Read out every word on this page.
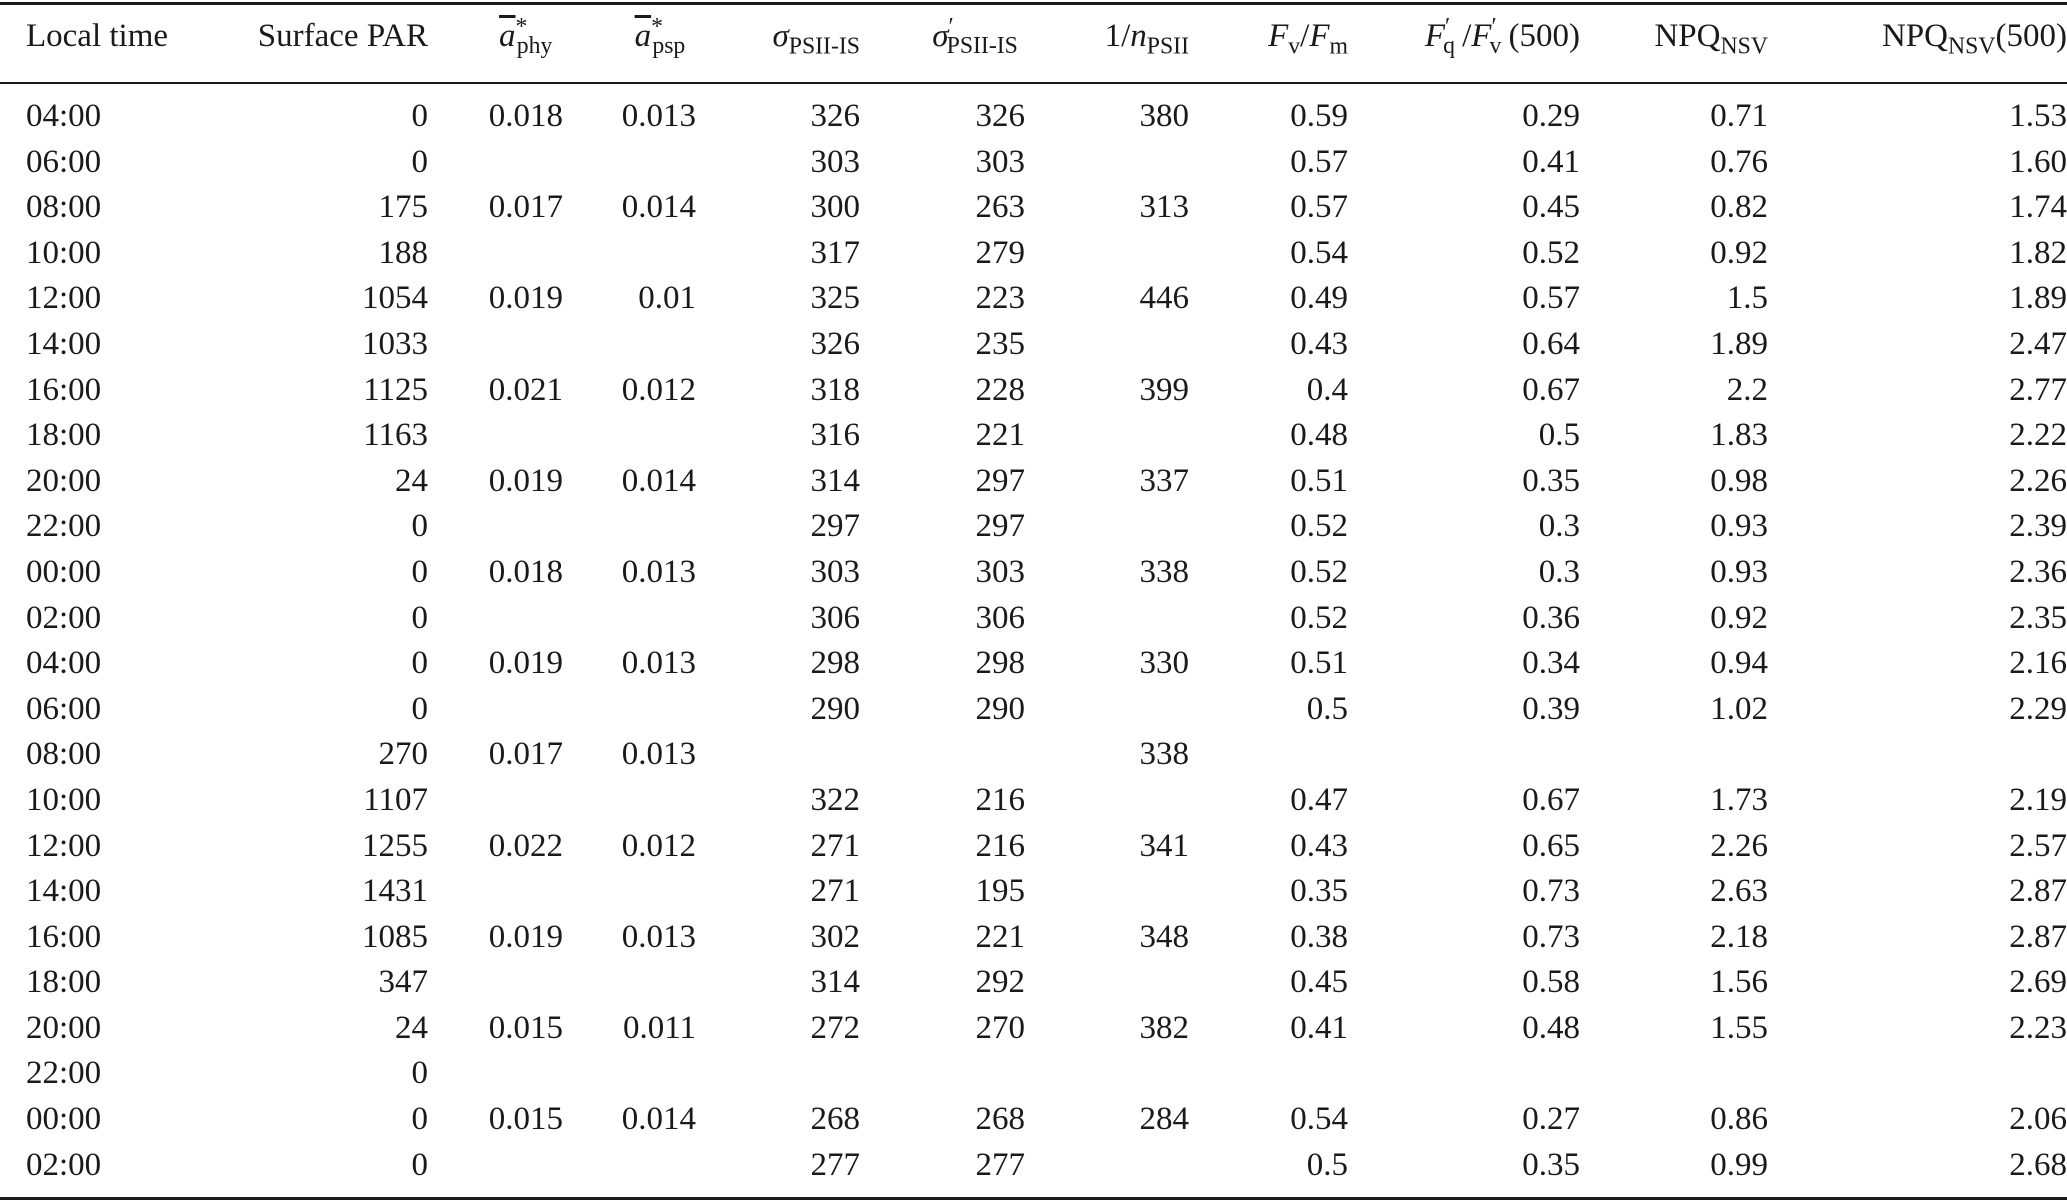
Local time	Surface PAR	$\overline{a}^*_{phy}$	$\overline{a}^*_{psp}$	$\sigma_{PSII-IS}$	$\sigma'_{PSII-IS}$	$1/n_{PSII}$	$F_v/F_m$	$F'_q$ $/F'_v$ (500)	$NPQ_{NSV}$	$NPQ_{NSV}(500)$

04:00	0	0.018	0.013	326	326	380	0.59	0.29	0.71	1.53
06:00	0			303	303		0.57	0.41	0.76	1.60
08:00	175	0.017	0.014	300	263	313	0.57	0.45	0.82	1.74
10:00	188			317	279		0.54	0.52	0.92	1.82
12:00	1054	0.019	0.01	325	223	446	0.49	0.57	1.5	1.89
14:00	1033			326	235		0.43	0.64	1.89	2.47
16:00	1125	0.021	0.012	318	228	399	0.4	0.67	2.2	2.77
18:00	1163			316	221		0.48	0.5	1.83	2.22
20:00	24	0.019	0.014	314	297	337	0.51	0.35	0.98	2.26
22:00	0			297	297		0.52	0.3	0.93	2.39
00:00	0	0.018	0.013	303	303	338	0.52	0.3	0.93	2.36
02:00	0			306	306		0.52	0.36	0.92	2.35
04:00	0	0.019	0.013	298	298	330	0.51	0.34	0.94	2.16
06:00	0			290	290		0.5	0.39	1.02	2.29
08:00	270	0.017	0.013			338				
10:00	1107			322	216		0.47	0.67	1.73	2.19
12:00	1255	0.022	0.012	271	216	341	0.43	0.65	2.26	2.57
14:00	1431			271	195		0.35	0.73	2.63	2.87
16:00	1085	0.019	0.013	302	221	348	0.38	0.73	2.18	2.87
18:00	347			314	292		0.45	0.58	1.56	2.69
20:00	24	0.015	0.011	272	270	382	0.41	0.48	1.55	2.23
22:00	0									
00:00	0	0.015	0.014	268	268	284	0.54	0.27	0.86	2.06
02:00	0			277	277		0.5	0.35	0.99	2.68
